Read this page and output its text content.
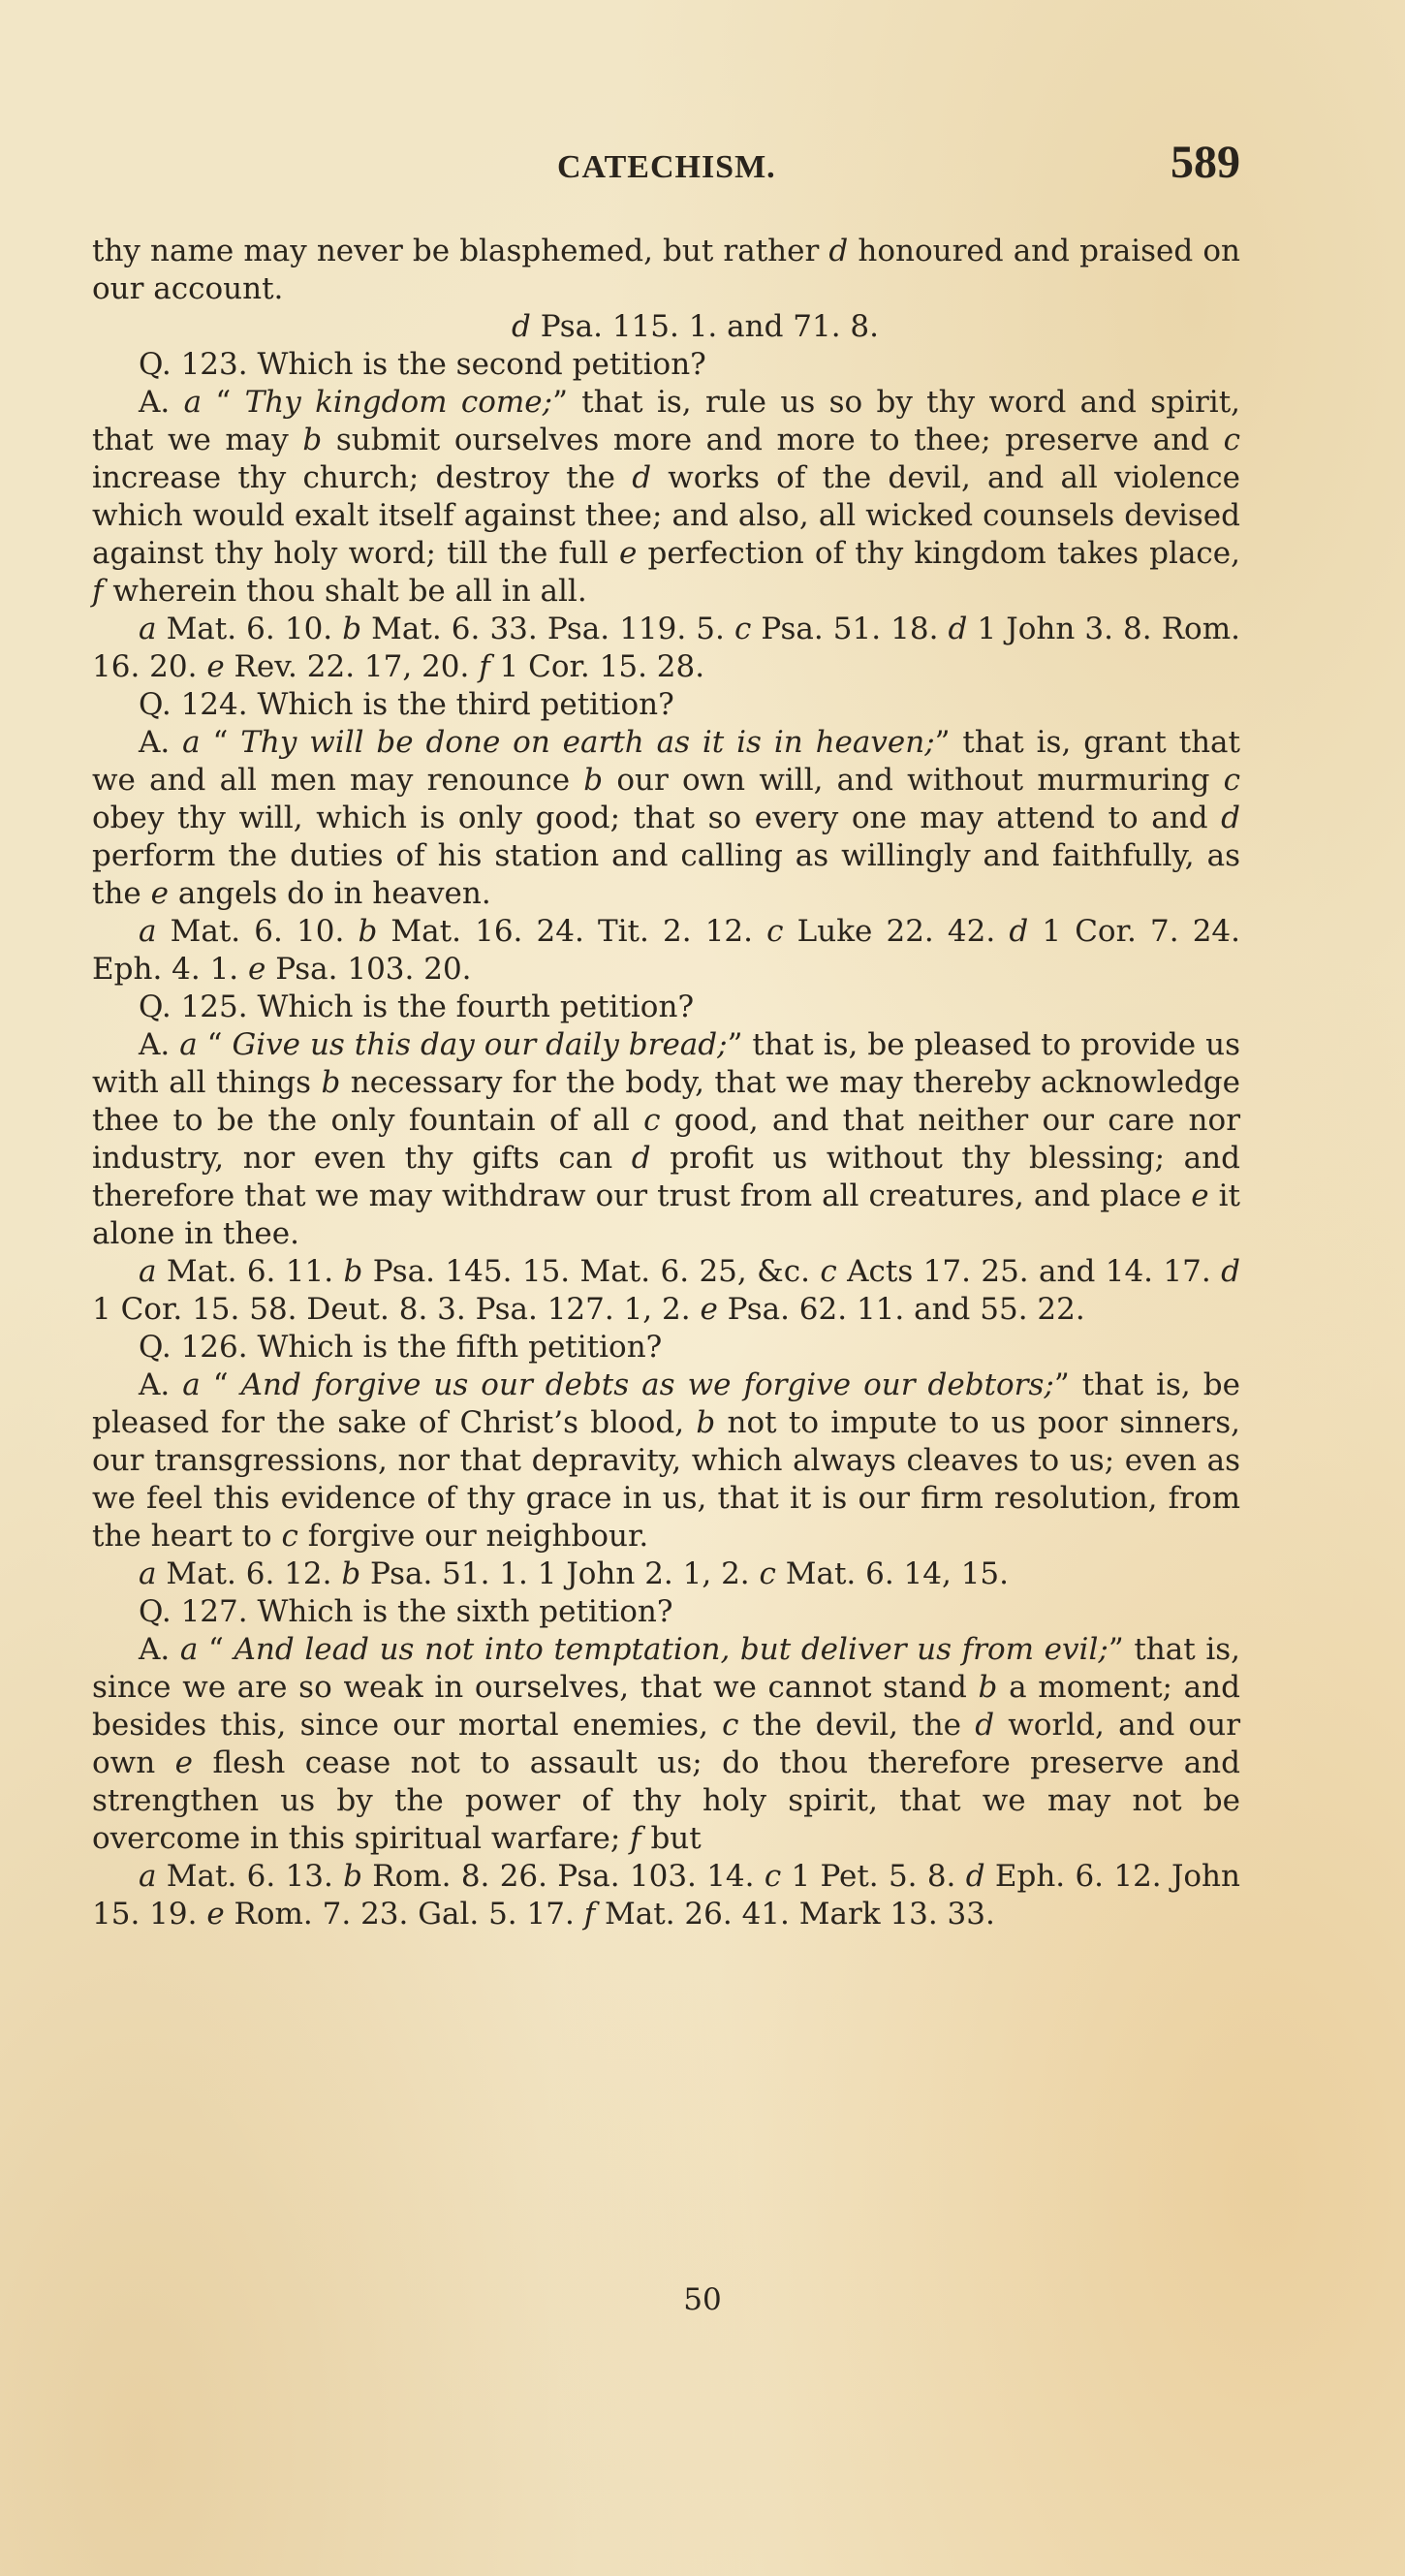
CATECHISM.	589

thy name may never be blasphemed, but rather d honoured and praised on our account.

d Psa. 115. 1. and 71. 8.

Q. 123. Which is the second petition?

A. a “ Thy kingdom come;” that is, rule us so by thy word and spirit, that we may b submit ourselves more and more to thee; preserve and c increase thy church; destroy the d works of the devil, and all violence which would exalt itself against thee; and also, all wicked counsels devised against thy holy word; till the full e perfection of thy kingdom takes place, f wherein thou shalt be all in all.

a Mat. 6. 10. b Mat. 6. 33. Psa. 119. 5. c Psa. 51. 18. d 1 John 3. 8. Rom. 16. 20. e Rev. 22. 17, 20. f 1 Cor. 15. 28.

Q. 124. Which is the third petition?

A. a “ Thy will be done on earth as it is in heaven;” that is, grant that we and all men may renounce b our own will, and without murmuring c obey thy will, which is only good; that so every one may attend to and d perform the duties of his station and calling as willingly and faithfully, as the e angels do in heaven.

a Mat. 6. 10. b Mat. 16. 24. Tit. 2. 12. c Luke 22. 42. d 1 Cor. 7. 24. Eph. 4. 1. e Psa. 103. 20.

Q. 125. Which is the fourth petition?

A. a “ Give us this day our daily bread;” that is, be pleased to provide us with all things b necessary for the body, that we may thereby acknowledge thee to be the only fountain of all c good, and that neither our care nor industry, nor even thy gifts can d profit us without thy blessing; and therefore that we may withdraw our trust from all creatures, and place e it alone in thee.

a Mat. 6. 11. b Psa. 145. 15. Mat. 6. 25, &c. c Acts 17. 25. and 14. 17. d 1 Cor. 15. 58. Deut. 8. 3. Psa. 127. 1, 2. e Psa. 62. 11. and 55. 22.

Q. 126. Which is the fifth petition?

A. a “ And forgive us our debts as we forgive our debtors;” that is, be pleased for the sake of Christ’s blood, b not to impute to us poor sinners, our transgressions, nor that depravity, which always cleaves to us; even as we feel this evidence of thy grace in us, that it is our firm resolution, from the heart to c forgive our neighbour.

a Mat. 6. 12. b Psa. 51. 1. 1 John 2. 1, 2. c Mat. 6. 14, 15.

Q. 127. Which is the sixth petition?

A. a “ And lead us not into temptation, but deliver us from evil;” that is, since we are so weak in ourselves, that we cannot stand b a moment; and besides this, since our mortal enemies, c the devil, the d world, and our own e flesh cease not to assault us; do thou therefore preserve and strengthen us by the power of thy holy spirit, that we may not be overcome in this spiritual warfare; f but

a Mat. 6. 13. b Rom. 8. 26. Psa. 103. 14. c 1 Pet. 5. 8. d Eph. 6. 12. John 15. 19. e Rom. 7. 23. Gal. 5. 17. f Mat. 26. 41. Mark 13. 33.

50
